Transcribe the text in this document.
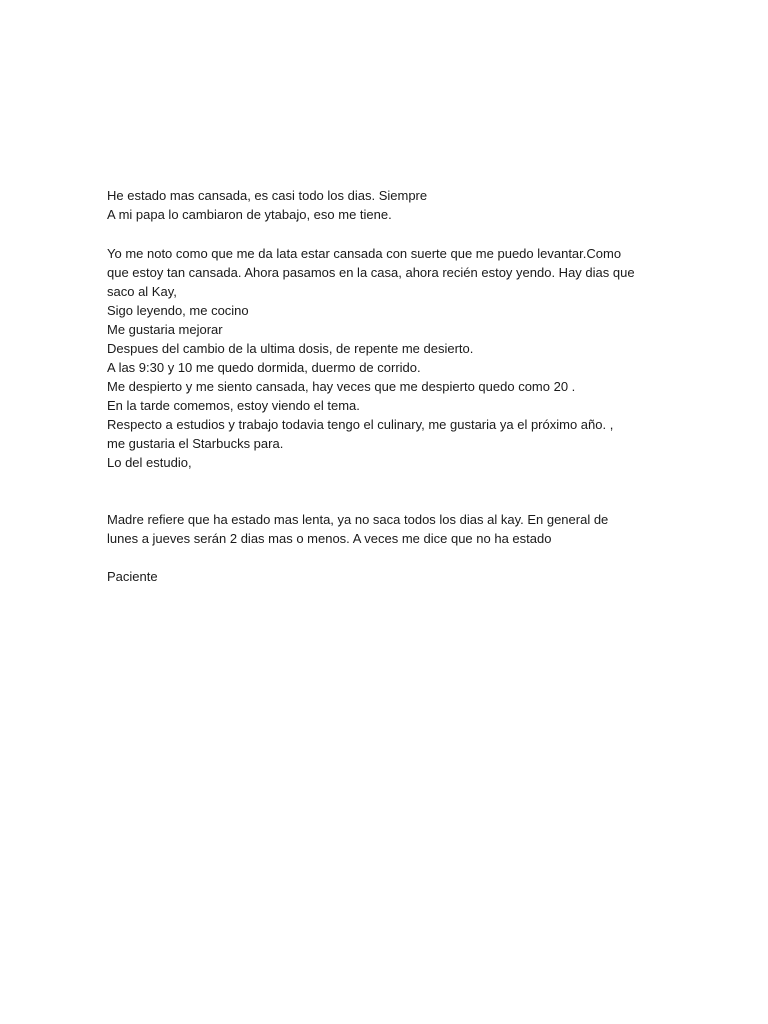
He estado mas cansada, es casi todo los dias. Siempre
A mi papa lo cambiaron de ytabajo, eso me tiene.
Yo me noto como que me da lata estar cansada con suerte que me puedo levantar.Como
que estoy tan cansada. Ahora pasamos en la casa, ahora recién estoy yendo. Hay dias que
saco al Kay,
Sigo leyendo, me cocino
Me gustaria mejorar
Despues del cambio de la ultima dosis, de repente me desierto.
A las 9:30 y 10 me quedo dormida, duermo de corrido.
Me despierto y me siento cansada, hay veces que me despierto quedo como 20 .
En la tarde comemos, estoy viendo el tema.
Respecto a estudios y trabajo todavia tengo el culinary, me gustaria ya el próximo año. ,
me gustaria el Starbucks para.
Lo del estudio,
Madre refiere que ha estado mas lenta, ya no saca todos los dias al kay. En general de
lunes a jueves serán 2 dias mas o menos. A veces me dice que no ha estado
Paciente
